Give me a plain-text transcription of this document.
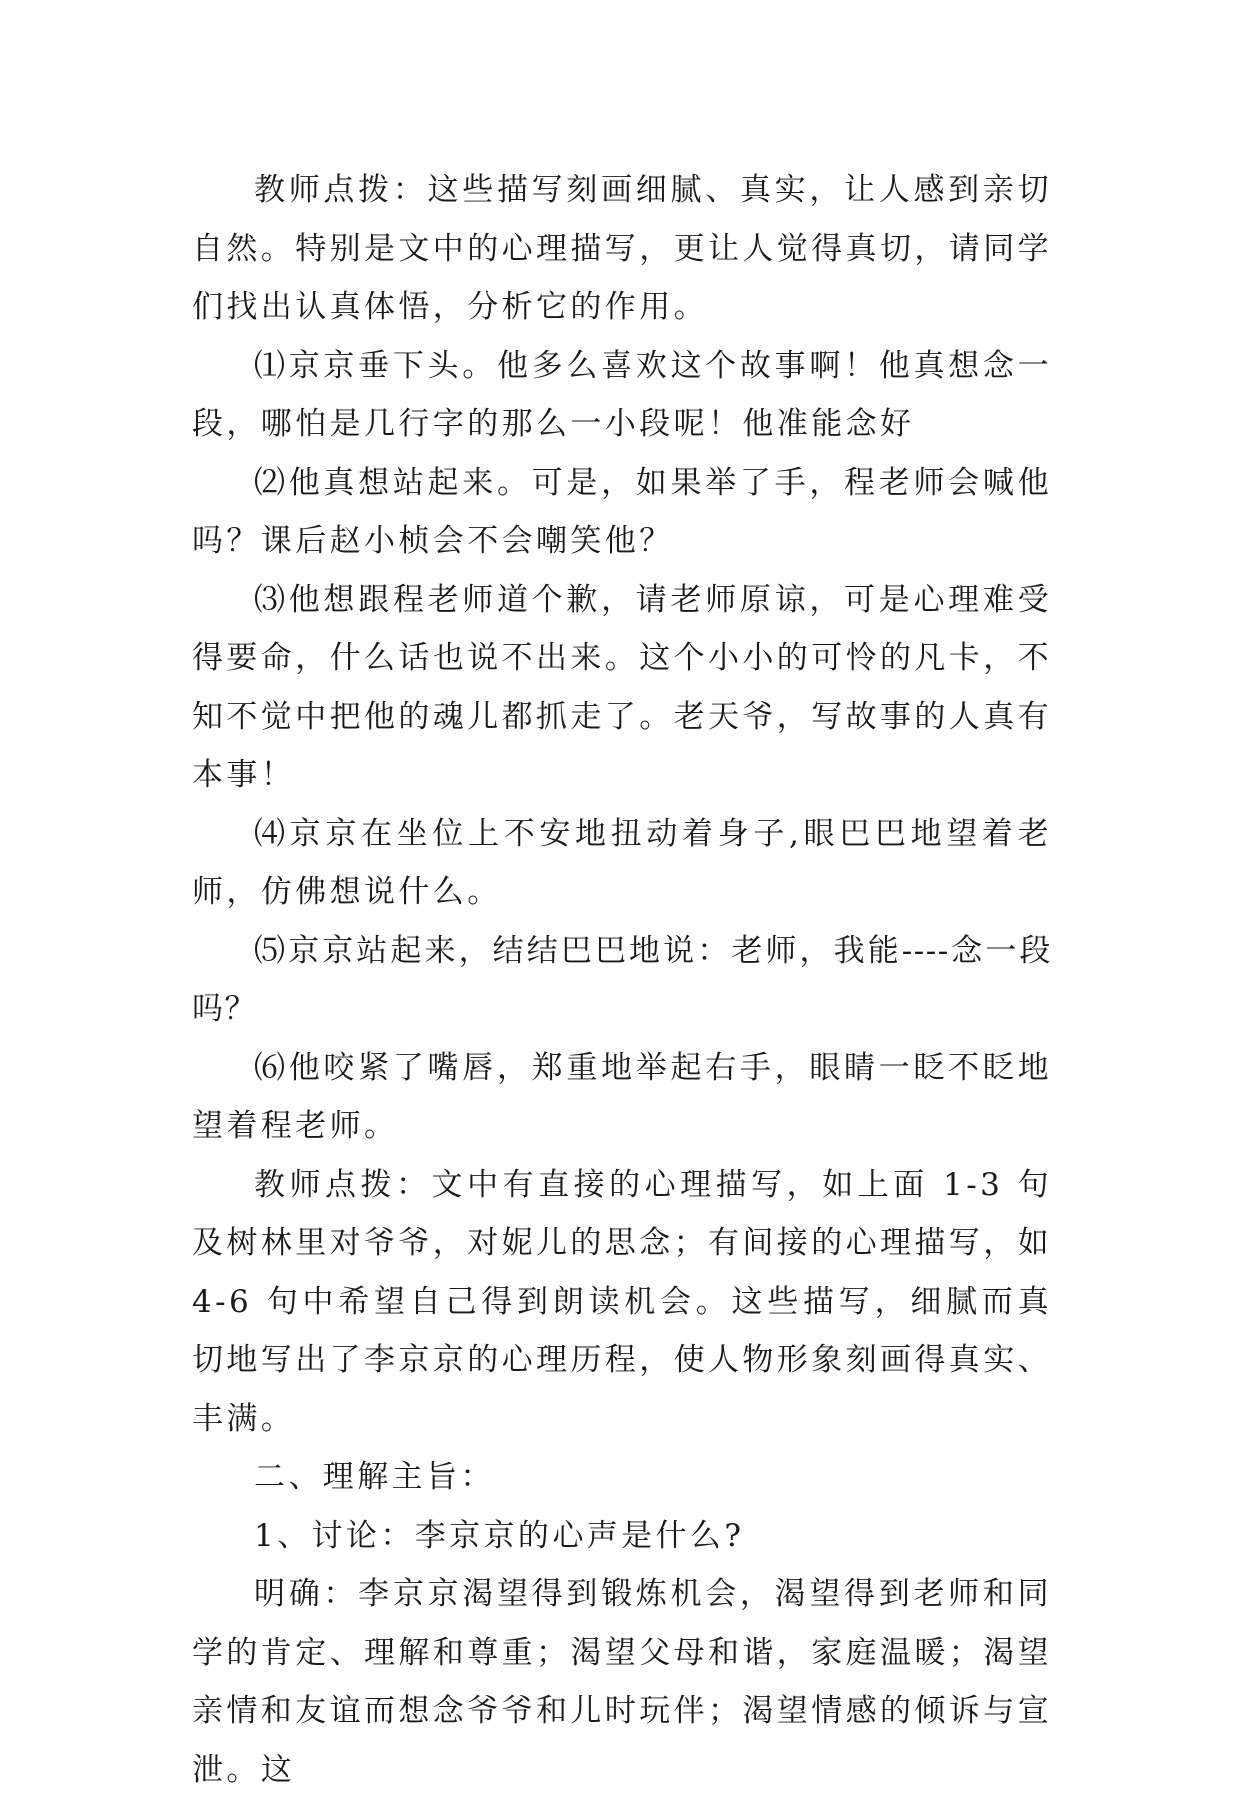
教师点拨：这些描写刻画细腻、真实，让人感到亲切自然。特别是文中的心理描写，更让人觉得真切，请同学们找出认真体悟，分析它的作用。

⑴京京垂下头。他多么喜欢这个故事啊！他真想念一段，哪怕是几行字的那么一小段呢！他准能念好

⑵他真想站起来。可是，如果举了手，程老师会喊他吗？课后赵小桢会不会嘲笑他？

⑶他想跟程老师道个歉，请老师原谅，可是心理难受得要命，什么话也说不出来。这个小小的可怜的凡卡，不知不觉中把他的魂儿都抓走了。老天爷，写故事的人真有本事！

⑷京京在坐位上不安地扭动着身子,眼巴巴地望着老师，仿佛想说什么。

⑸京京站起来，结结巴巴地说：老师，我能----念一段吗？

⑹他咬紧了嘴唇，郑重地举起右手，眼睛一眨不眨地望着程老师。

教师点拨：文中有直接的心理描写，如上面 1-3 句及树林里对爷爷，对妮儿的思念；有间接的心理描写，如 4-6 句中希望自己得到朗读机会。这些描写，细腻而真切地写出了李京京的心理历程，使人物形象刻画得真实、丰满。

二、理解主旨：

1、讨论：李京京的心声是什么?

明确：李京京渴望得到锻炼机会，渴望得到老师和同学的肯定、理解和尊重；渴望父母和谐，家庭温暖；渴望亲情和友谊而想念爷爷和儿时玩伴；渴望情感的倾诉与宣泄。这
